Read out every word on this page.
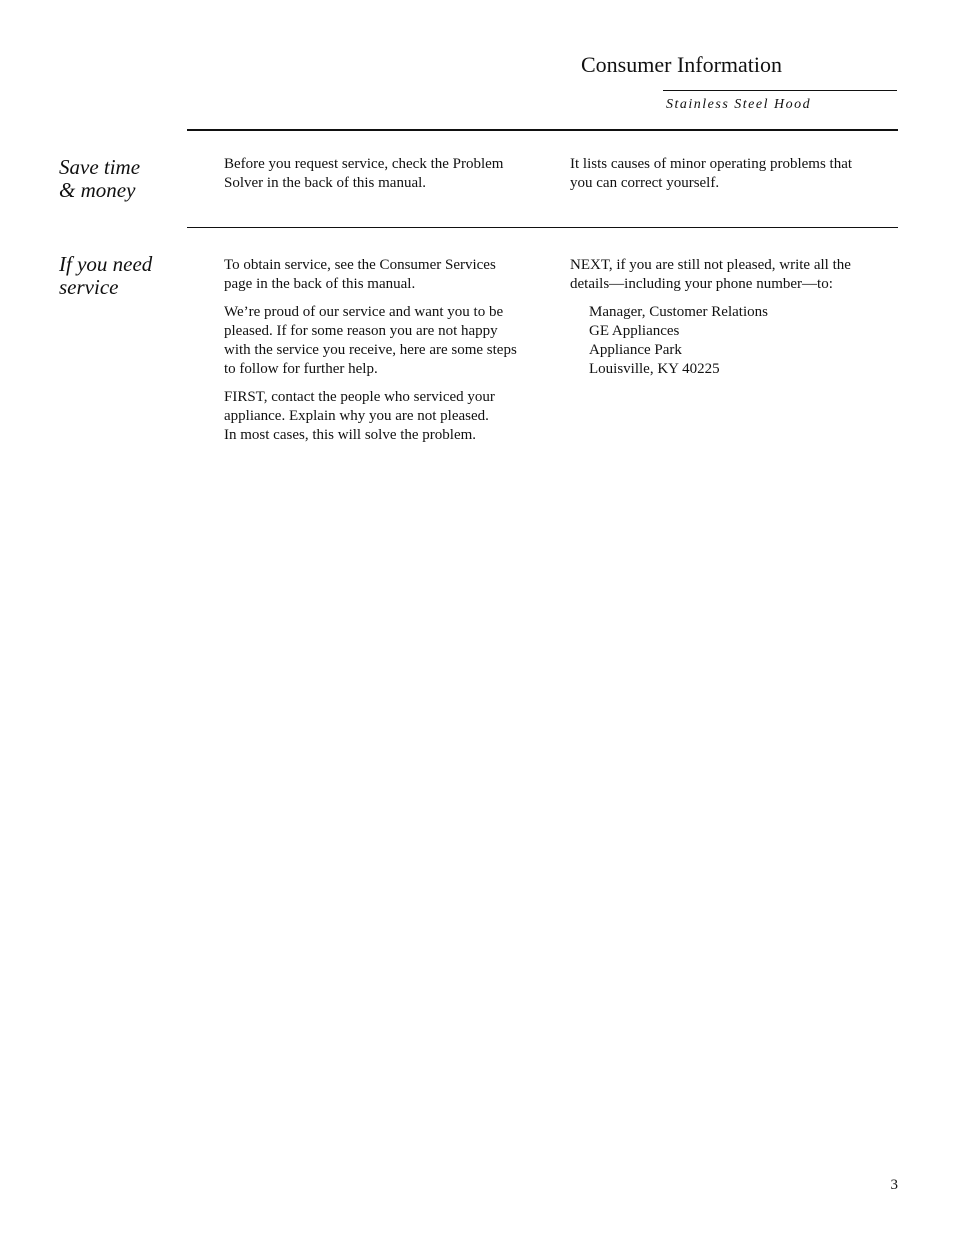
Consumer Information
Stainless Steel Hood
Save time
& money

Before you request service, check the Problem
Solver in the back of this manual.

It lists causes of minor operating problems that
you can correct yourself.

If you need
service

To obtain service, see the Consumer Services
page in the back of this manual.

We’re proud of our service and want you to be
pleased. If for some reason you are not happy
with the service you receive, here are some steps
to follow for further help.

FIRST, contact the people who serviced your
appliance. Explain why you are not pleased.
In most cases, this will solve the problem.

NEXT, if you are still not pleased, write all the
details—including your phone number—to:

Manager, Customer Relations
GE Appliances
Appliance Park
Louisville, KY 40225
3
